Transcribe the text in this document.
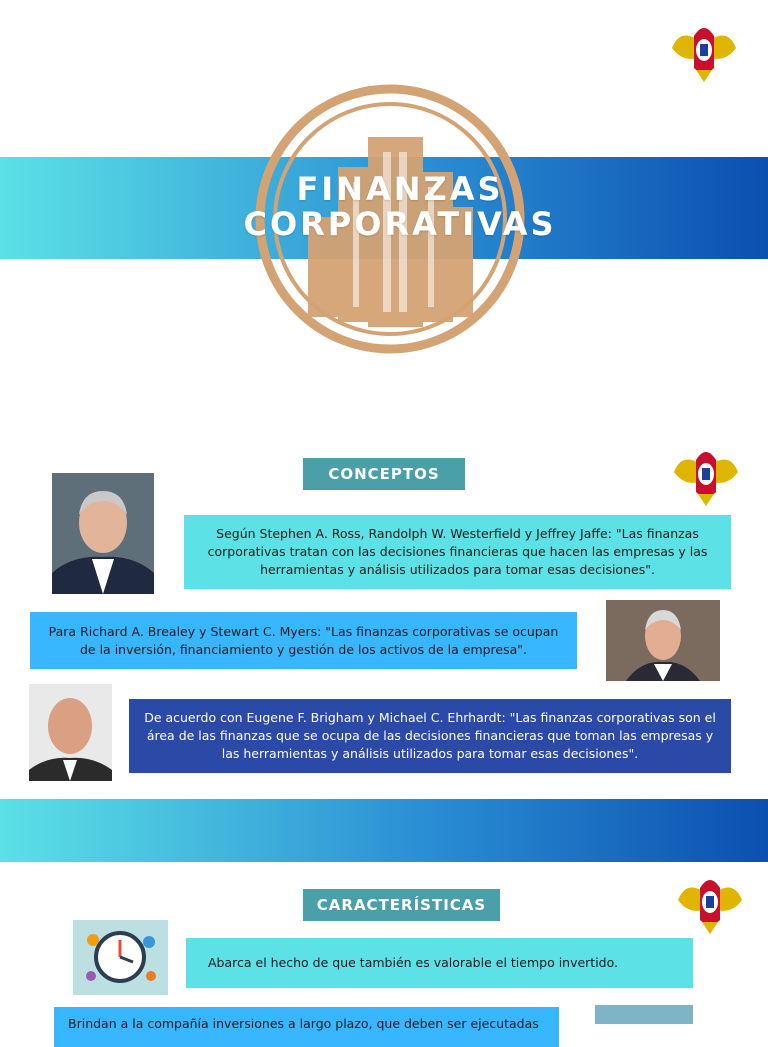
FINANZAS
CORPORATIVAS
CONCEPTOS
Según Stephen A. Ross, Randolph W. Westerfield y Jeffrey Jaffe: "Las finanzas corporativas tratan con las decisiones financieras que hacen las empresas y las herramientas y análisis utilizados para tomar esas decisiones".
Para Richard A. Brealey y Stewart C. Myers: "Las finanzas corporativas se ocupan de la inversión, financiamiento y gestión de los activos de la empresa".
De acuerdo con Eugene F. Brigham y Michael C. Ehrhardt: "Las finanzas corporativas son el área de las finanzas que se ocupa de las decisiones financieras que toman las empresas y las herramientas y análisis utilizados para tomar esas decisiones".
CARACTERÍSTICAS
Abarca el hecho de que también es valorable el tiempo invertido.
Brindan a la compañía inversiones a largo plazo, que deben ser ejecutadas
